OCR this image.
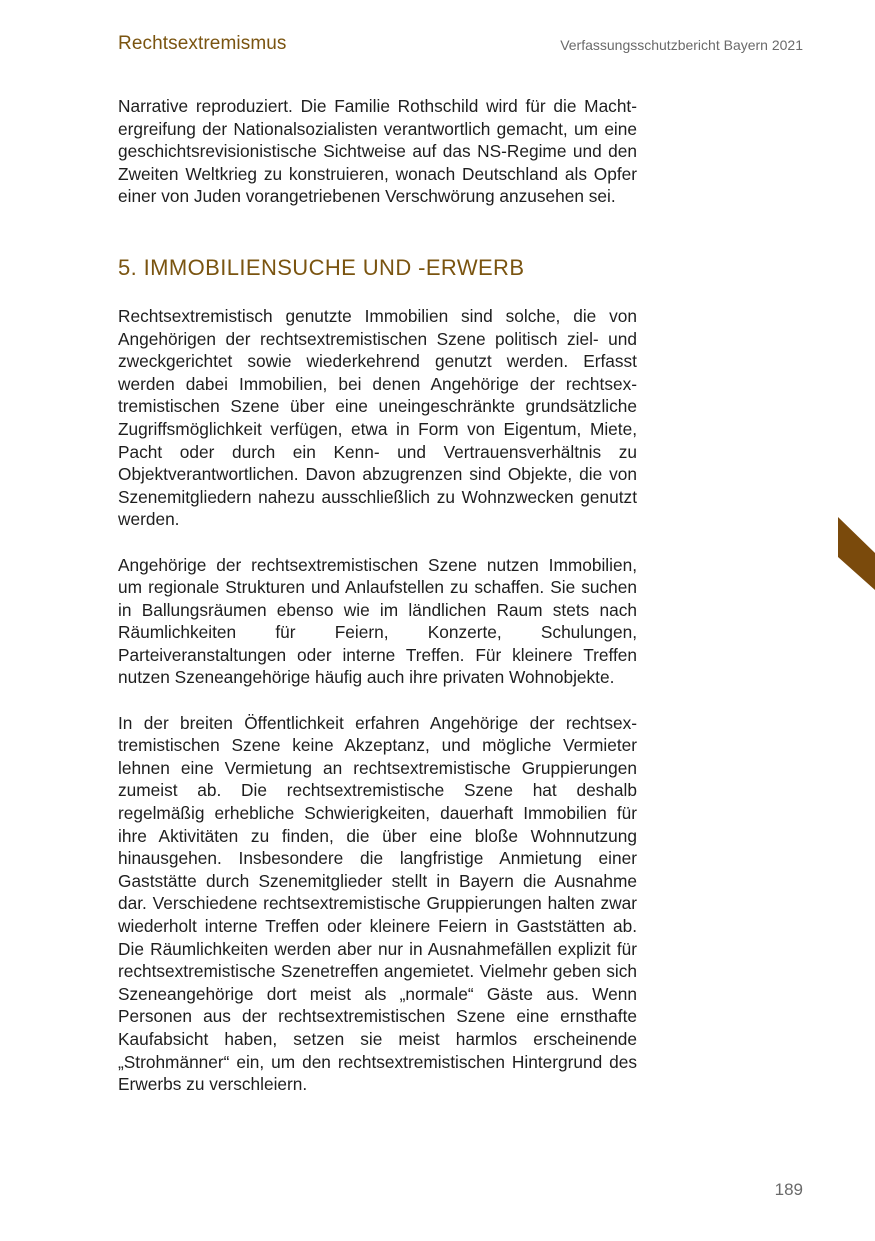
Rechtsextremismus	Verfassungsschutzbericht Bayern 2021

Narrative reproduziert. Die Familie Rothschild wird für die Machtergreifung der Nationalsozialisten verantwortlich gemacht, um eine geschichtsrevisionistische Sichtweise auf das NS-Regime und den Zweiten Weltkrieg zu konstruieren, wonach Deutschland als Opfer einer von Juden vorangetriebenen Verschwörung anzusehen sei.

5. IMMOBILIENSUCHE UND -ERWERB

Rechtsextremistisch genutzte Immobilien sind solche, die von Angehörigen der rechtsextremistischen Szene politisch ziel- und zweckgerichtet sowie wiederkehrend genutzt werden. Erfasst werden dabei Immobilien, bei denen Angehörige der rechtsextremistischen Szene über eine uneingeschränkte grundsätzliche Zugriffsmöglichkeit verfügen, etwa in Form von Eigentum, Miete, Pacht oder durch ein Kenn- und Vertrauensverhältnis zu Objektverantwortlichen. Davon abzugrenzen sind Objekte, die von Szenemitgliedern nahezu ausschließlich zu Wohnzwecken genutzt werden.

Angehörige der rechtsextremistischen Szene nutzen Immobilien, um regionale Strukturen und Anlaufstellen zu schaffen. Sie suchen in Ballungsräumen ebenso wie im ländlichen Raum stets nach Räumlichkeiten für Feiern, Konzerte, Schulungen, Parteiveranstaltungen oder interne Treffen. Für kleinere Treffen nutzen Szeneangehörige häufig auch ihre privaten Wohnobjekte.

In der breiten Öffentlichkeit erfahren Angehörige der rechtsextremistischen Szene keine Akzeptanz, und mögliche Vermieter lehnen eine Vermietung an rechtsextremistische Gruppierungen zumeist ab. Die rechtsextremistische Szene hat deshalb regelmäßig erhebliche Schwierigkeiten, dauerhaft Immobilien für ihre Aktivitäten zu finden, die über eine bloße Wohnnutzung hinausgehen. Insbesondere die langfristige Anmietung einer Gaststätte durch Szenemitglieder stellt in Bayern die Ausnahme dar. Verschiedene rechtsextremistische Gruppierungen halten zwar wiederholt interne Treffen oder kleinere Feiern in Gaststätten ab. Die Räumlichkeiten werden aber nur in Ausnahmefällen explizit für rechtsextremistische Szenetreffen angemietet. Vielmehr geben sich Szeneangehörige dort meist als „normale“ Gäste aus. Wenn Personen aus der rechtsextremistischen Szene eine ernsthafte Kaufabsicht haben, setzen sie meist harmlos erscheinende „Strohmänner“ ein, um den rechtsextremistischen Hintergrund des Erwerbs zu verschleiern.

189
